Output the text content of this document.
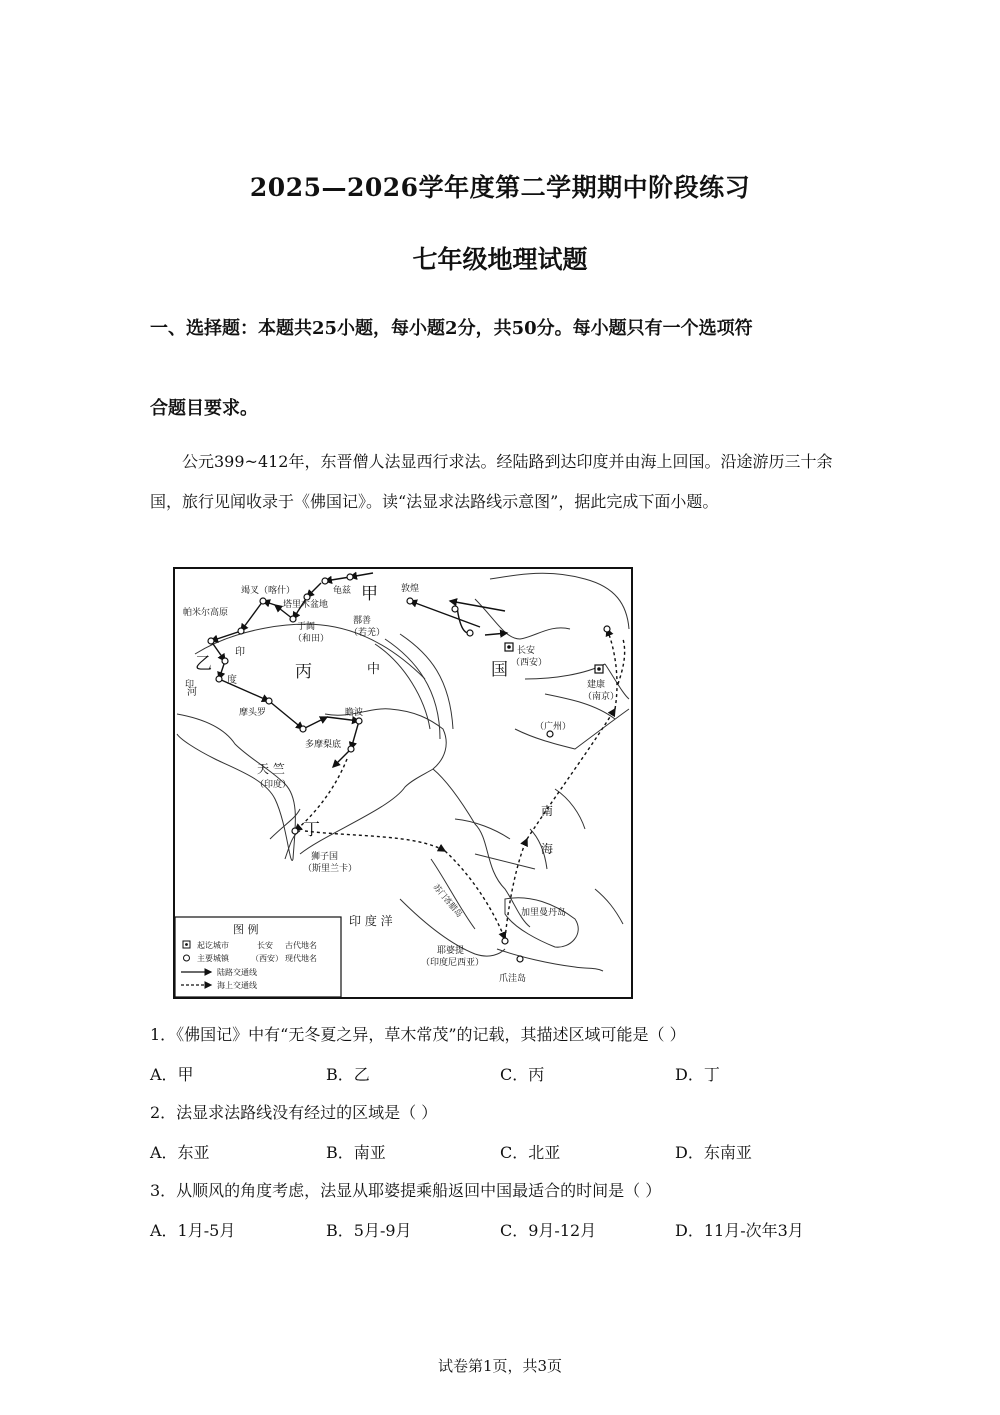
2025—2026学年度第二学期期中阶段练习
七年级地理试题
一、选择题：本题共25小题，每小题2分，共50分。每小题只有一个选项符
合题目要求。
公元399~412年，东晋僧人法显西行求法。经陆路到达印度并由海上回国。沿途游历三十余国，旅行见闻收录于《佛国记》。读“法显求法路线示意图”，据此完成下面小题。
竭叉（喀什）	龟兹
塔里木盆地
帕米尔高原
于阗
（和田）
鄯善
（若羌）
敦煌
长安
（西安）
建康
（南京）
（广州）
摩头罗	瞻波
多摩梨底
天 竺
（印度）
狮子国
（斯里兰卡）
南
海
印 度 洋
加里曼丹岛
耶婆提
（印度尼西亚）
爪洼岛
苏门答腊岛
甲
乙	丙
丁
国
中
印
度
河
印
图 例
起讫城市	长安 古代地名
主要城镇	（西安） 现代地名
陆路交通线
海上交通线
1．《佛国记》中有“无冬夏之异，草木常茂”的记载，其描述区域可能是（ ）
A．甲	B．乙	C．丙	D．丁
2．法显求法路线没有经过的区域是（ ）
A．东亚	B．南亚	C．北亚	D．东南亚
3．从顺风的角度考虑，法显从耶婆提乘船返回中国最适合的时间是（ ）
A．1月-5月	B．5月-9月	C．9月-12月	D．11月-次年3月
试卷第1页，共3页
